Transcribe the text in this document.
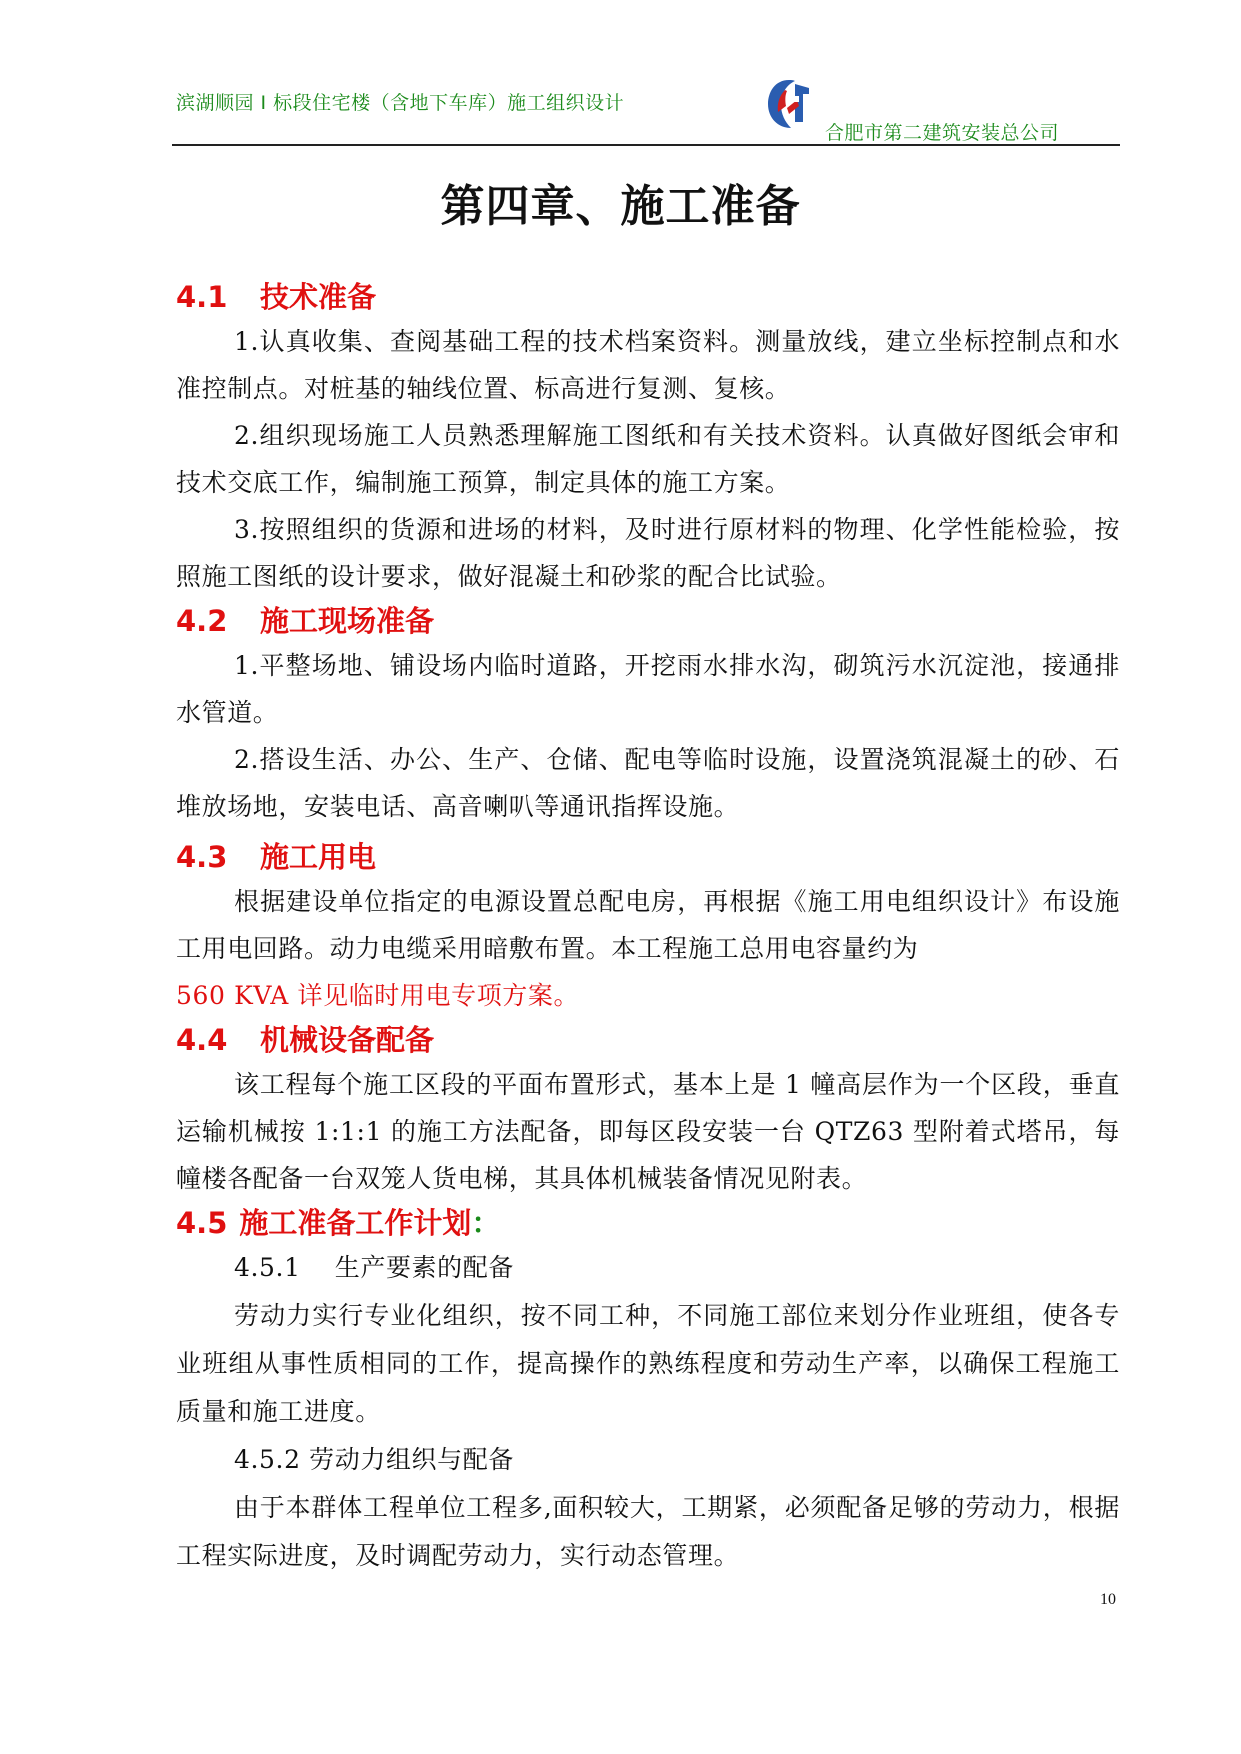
滨湖顺园 I 标段住宅楼（含地下车库）施工组织设计
合肥市第二建筑安装总公司
第四章、施工准备
4.1 技术准备

1.认真收集、查阅基础工程的技术档案资料。测量放线，建立坐标控制点和水准控制点。对桩基的轴线位置、标高进行复测、复核。

2.组织现场施工人员熟悉理解施工图纸和有关技术资料。认真做好图纸会审和技术交底工作，编制施工预算，制定具体的施工方案。

3.按照组织的货源和进场的材料，及时进行原材料的物理、化学性能检验，按照施工图纸的设计要求，做好混凝土和砂浆的配合比试验。

4.2 施工现场准备

1.平整场地、铺设场内临时道路，开挖雨水排水沟，砌筑污水沉淀池，接通排水管道。

2.搭设生活、办公、生产、仓储、配电等临时设施，设置浇筑混凝土的砂、石堆放场地，安装电话、高音喇叭等通讯指挥设施。

4.3 施工用电

根据建设单位指定的电源设置总配电房，再根据《施工用电组织设计》布设施工用电回路。动力电缆采用暗敷布置。本工程施工总用电容量约为
560 KVA 详见临时用电专项方案。

4.4 机械设备配备

该工程每个施工区段的平面布置形式，基本上是 1 幢高层作为一个区段，垂直运输机械按 1:1:1 的施工方法配备，即每区段安装一台 QTZ63 型附着式塔吊，每幢楼各配备一台双笼人货电梯，其具体机械装备情况见附表。

4.5 施工准备工作计划：

4.5.1　 生产要素的配备

劳动力实行专业化组织，按不同工种，不同施工部位来划分作业班组，使各专业班组从事性质相同的工作，提高操作的熟练程度和劳动生产率，以确保工程施工质量和施工进度。

4.5.2 劳动力组织与配备

由于本群体工程单位工程多,面积较大，工期紧，必须配备足够的劳动力，根据工程实际进度，及时调配劳动力，实行动态管理。

10
